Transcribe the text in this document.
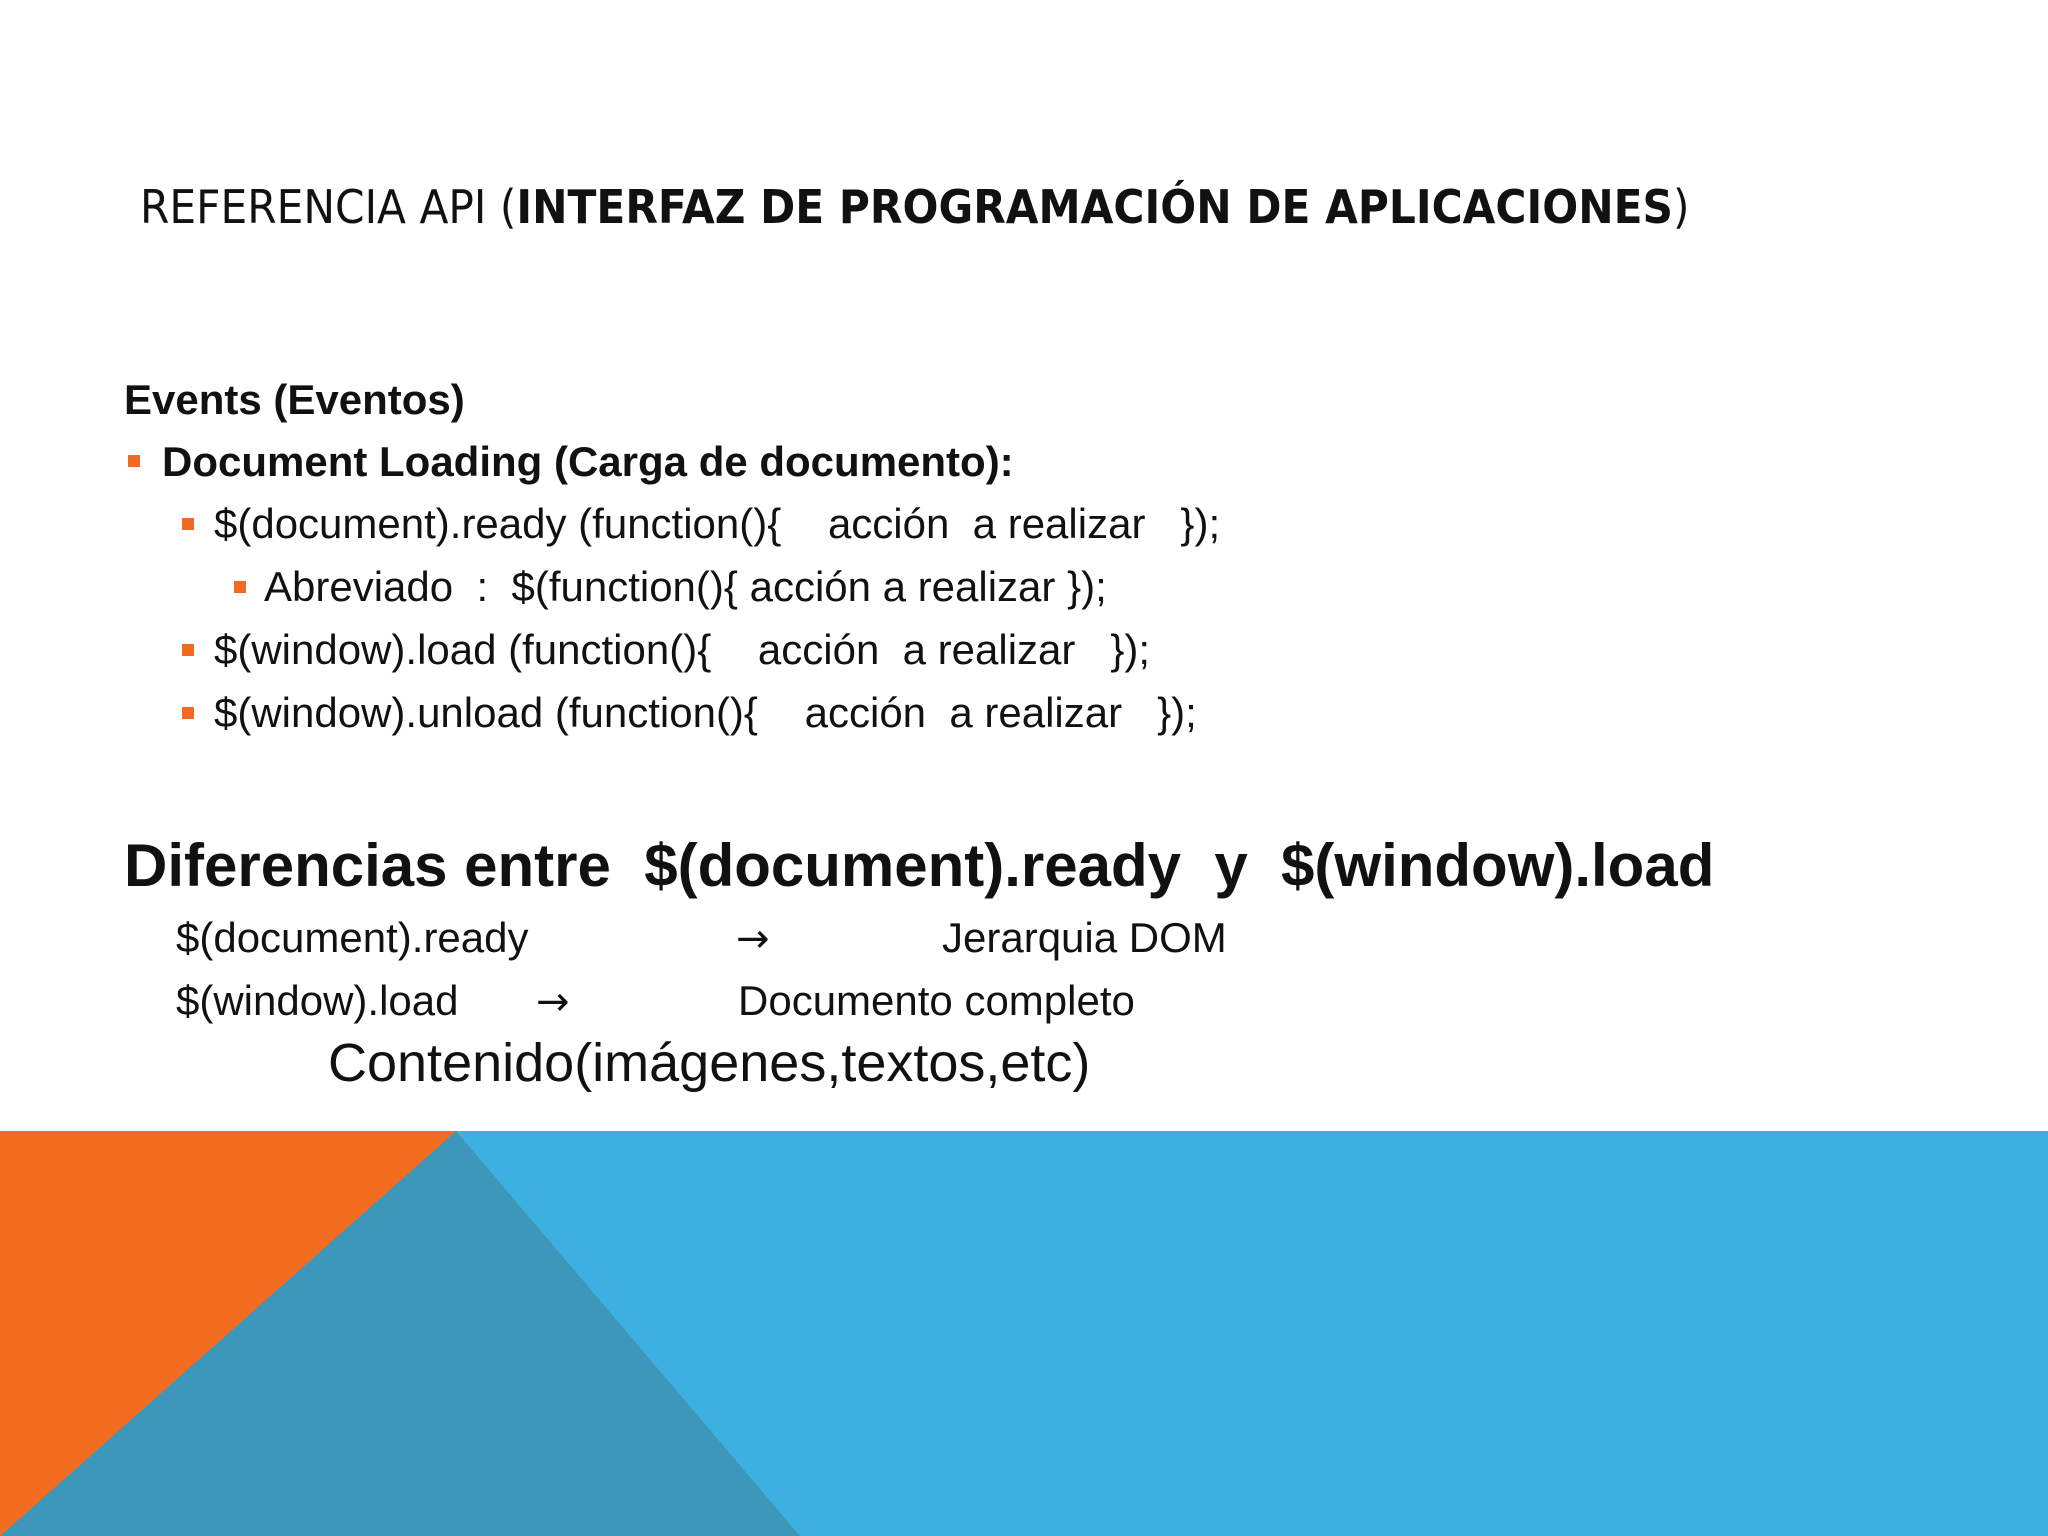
REFERENCIA API (INTERFAZ DE PROGRAMACIÓN DE APLICACIONES)
Events (Eventos)
Document Loading (Carga de documento):
$(document).ready (function(){    acción  a realizar   });
Abreviado  :  $(function(){ acción a realizar });
$(window).load (function(){    acción  a realizar   });
$(window).unload (function(){    acción  a realizar   });
Diferencias entre  $(document).ready  y  $(window).load
$(document).ready	→	Jerarquia DOM
$(window).load →	Documento completo
Contenido(imágenes,textos,etc)
